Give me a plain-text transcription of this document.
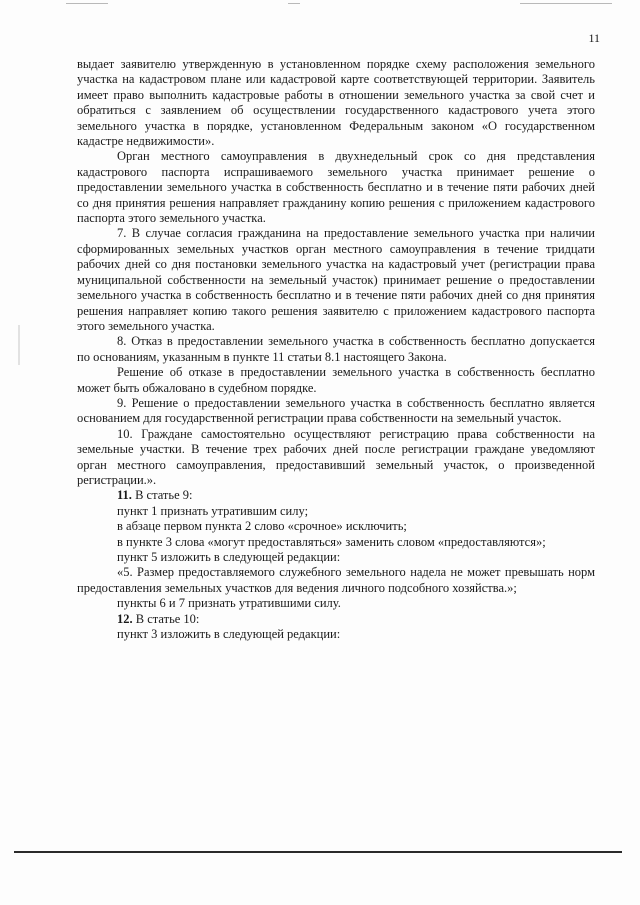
11

выдает заявителю утвержденную в установленном порядке схему расположения земельного участка на кадастровом плане или кадастровой карте соответствующей территории. Заявитель имеет право выполнить кадастровые работы в отношении земельного участка за свой счет и обратиться с заявлением об осуществлении государственного кадастрового учета этого земельного участка в порядке, установленном Федеральным законом «О государственном кадастре недвижимости».

Орган местного самоуправления в двухнедельный срок со дня представления кадастрового паспорта испрашиваемого земельного участка принимает решение о предоставлении земельного участка в собственность бесплатно и в течение пяти рабочих дней со дня принятия решения направляет гражданину копию решения с приложением кадастрового паспорта этого земельного участка.

7. В случае согласия гражданина на предоставление земельного участка при наличии сформированных земельных участков орган местного самоуправления в течение тридцати рабочих дней со дня постановки земельного участка на кадастровый учет (регистрации права муниципальной собственности на земельный участок) принимает решение о предоставлении земельного участка в собственность бесплатно и в течение пяти рабочих дней со дня принятия решения направляет копию такого решения заявителю с приложением кадастрового паспорта этого земельного участка.

8. Отказ в предоставлении земельного участка в собственность бесплатно допускается по основаниям, указанным в пункте 11 статьи 8.1 настоящего Закона.

Решение об отказе в предоставлении земельного участка в собственность бесплатно может быть обжаловано в судебном порядке.

9. Решение о предоставлении земельного участка в собственность бесплатно является основанием для государственной регистрации права собственности на земельный участок.

10. Граждане самостоятельно осуществляют регистрацию права собственности на земельные участки. В течение трех рабочих дней после регистрации граждане уведомляют орган местного самоуправления, предоставивший земельный участок, о произведенной регистрации.».

11. В статье 9:

пункт 1 признать утратившим силу;

в абзаце первом пункта 2 слово «срочное» исключить;

в пункте 3 слова «могут предоставляться» заменить словом «предоставляются»;

пункт 5 изложить в следующей редакции:

«5. Размер предоставляемого служебного земельного надела не может превышать норм предоставления земельных участков для ведения личного подсобного хозяйства.»;

пункты 6 и 7 признать утратившими силу.

12. В статье 10:

пункт 3 изложить в следующей редакции:
